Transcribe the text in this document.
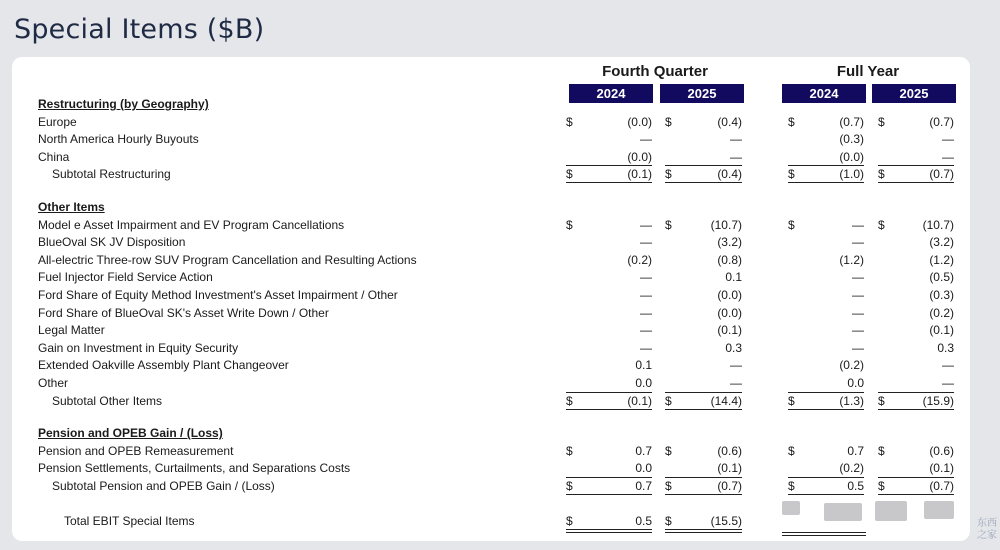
Special Items ($B)
Fourth Quarter	Full Year
2024	2025	2024	2025
Restructuring (by Geography)
Europe	$	(0.0) $	(0.4)	$	(0.7) $	(0.7)
North America Hourly Buyouts	—	—	(0.3)	—
China	(0.0)	—	(0.0)	—
Subtotal Restructuring	$	(0.1) $	(0.4)	$	(1.0) $	(0.7)
Other Items
Model e Asset Impairment and EV Program Cancellations	$	— $	(10.7)	$	— $	(10.7)
BlueOval SK JV Disposition	—	(3.2)	—	(3.2)
All-electric Three-row SUV Program Cancellation and Resulting Actions	(0.2)	(0.8)	(1.2)	(1.2)
Fuel Injector Field Service Action	—	0.1	—	(0.5)
Ford Share of Equity Method Investment's Asset Impairment / Other	—	(0.0)	—	(0.3)
Ford Share of BlueOval SK's Asset Write Down / Other	—	(0.0)	—	(0.2)
Legal Matter	—	(0.1)	—	(0.1)
Gain on Investment in Equity Security	—	0.3	—	0.3
Extended Oakville Assembly Plant Changeover	0.1	—	(0.2)	—
Other	0.0	—	0.0	—
Subtotal Other Items	$	(0.1) $	(14.4)	$	(1.3) $	(15.9)
Pension and OPEB Gain / (Loss)
Pension and OPEB Remeasurement	$	0.7 $	(0.6)	$	0.7 $	(0.6)
Pension Settlements, Curtailments, and Separations Costs	0.0	(0.1)	(0.2)	(0.1)
Subtotal Pension and OPEB Gain / (Loss)	$	0.7 $	(0.7)	$	0.5 $	(0.7)
Total EBIT Special Items	$	0.5 $	(15.5)	东西
之家
